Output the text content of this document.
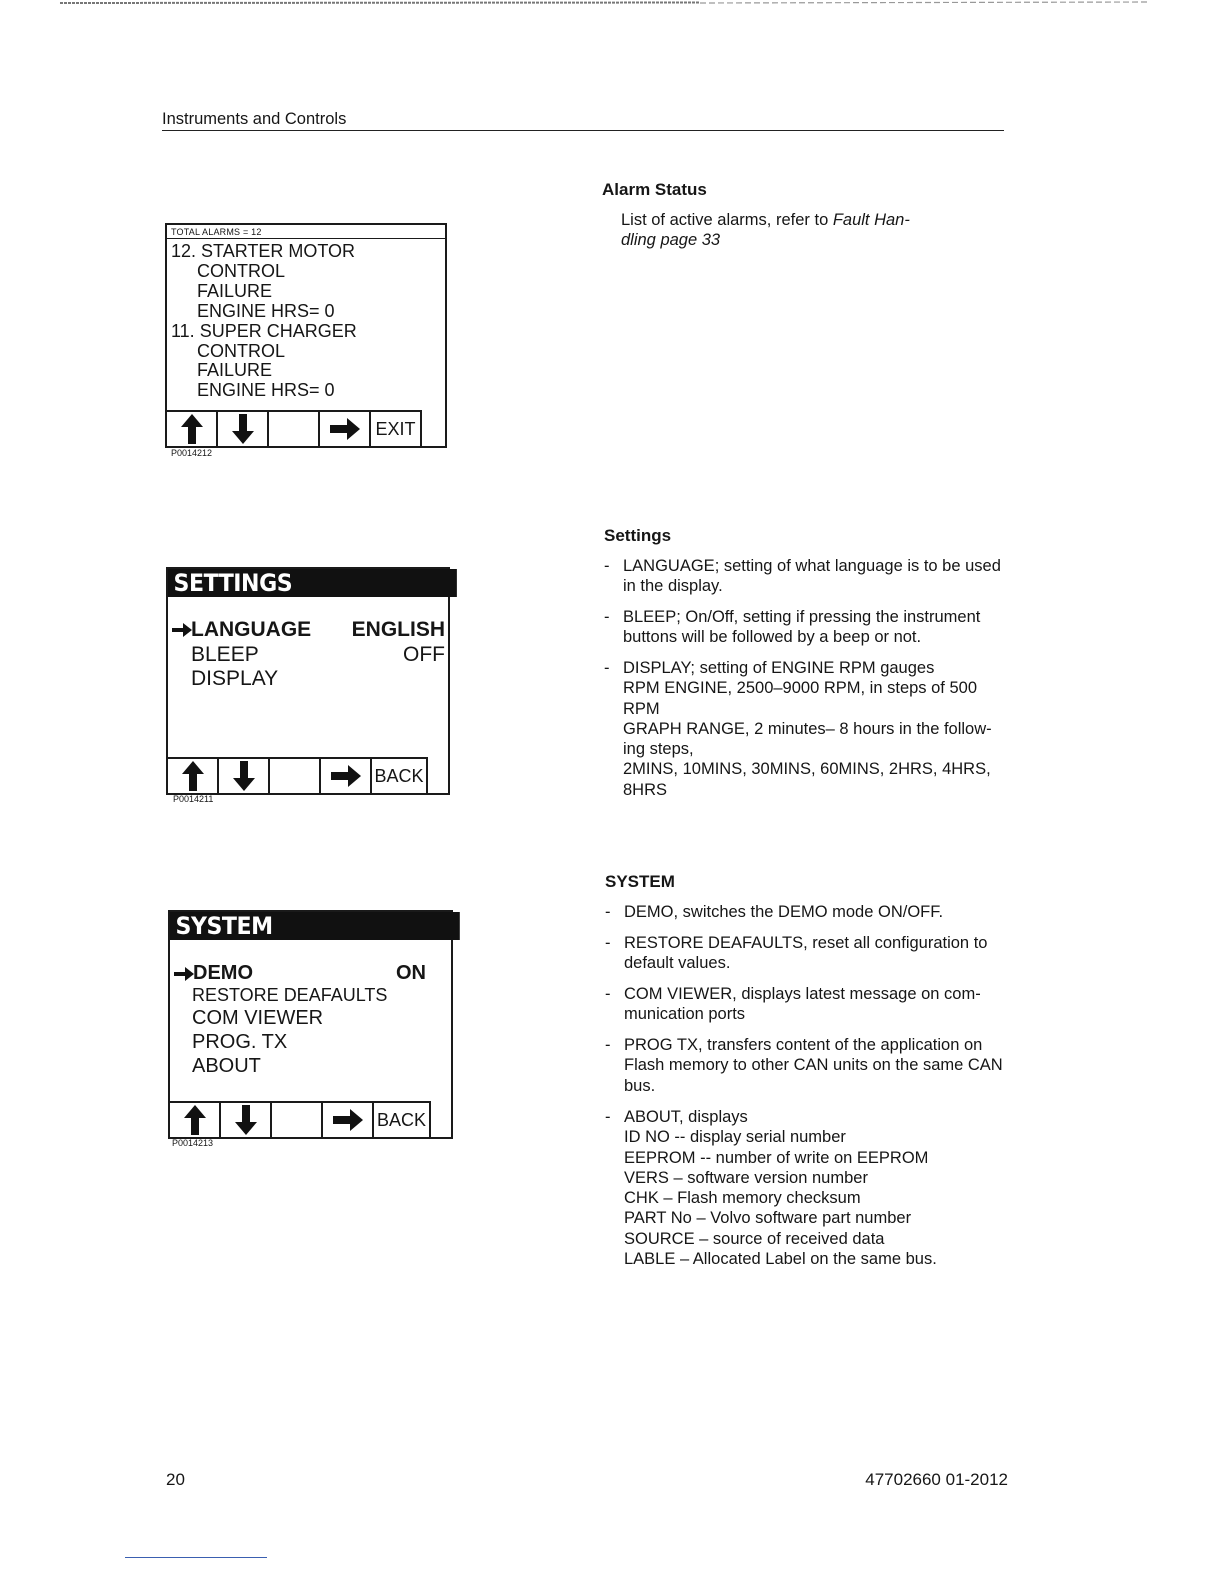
Instruments and Controls
TOTAL ALARMS = 12
12. STARTER MOTOR
CONTROL
FAILURE
ENGINE HRS= 0
11. SUPER CHARGER
CONTROL
FAILURE
ENGINE HRS= 0
EXIT
P0014212
SETTINGS
LANGUAGE ENGLISH
BLEEP	OFF
DISPLAY
BACK
P0014211
SYSTEM
DEMO	ON
RESTORE DEAFAULTS
COM VIEWER
PROG. TX
ABOUT
BACK
P0014213
Alarm Status
List of active alarms, refer to Fault Han-
dling page 33
Settings
- LANGUAGE; setting of what language is to be used
in the display.
- BLEEP; On/Off, setting if pressing the instrument
buttons will be followed by a beep or not.
- DISPLAY; setting of ENGINE RPM gauges
RPM ENGINE, 2500–9000 RPM, in steps of 500
RPM
GRAPH RANGE, 2 minutes– 8 hours in the follow-
ing steps,
2MINS, 10MINS, 30MINS, 60MINS, 2HRS, 4HRS,
8HRS
SYSTEM
- DEMO, switches the DEMO mode ON/OFF.
- RESTORE DEAFAULTS, reset all configuration to
default values.
- COM VIEWER, displays latest message on com-
munication ports
- PROG TX, transfers content of the application on
Flash memory to other CAN units on the same CAN
bus.
- ABOUT, displays
ID NO -- display serial number
EEPROM -- number of write on EEPROM
VERS – software version number
CHK – Flash memory checksum
PART No – Volvo software part number
SOURCE – source of received data
LABLE – Allocated Label on the same bus.
20	47702660 01-2012
